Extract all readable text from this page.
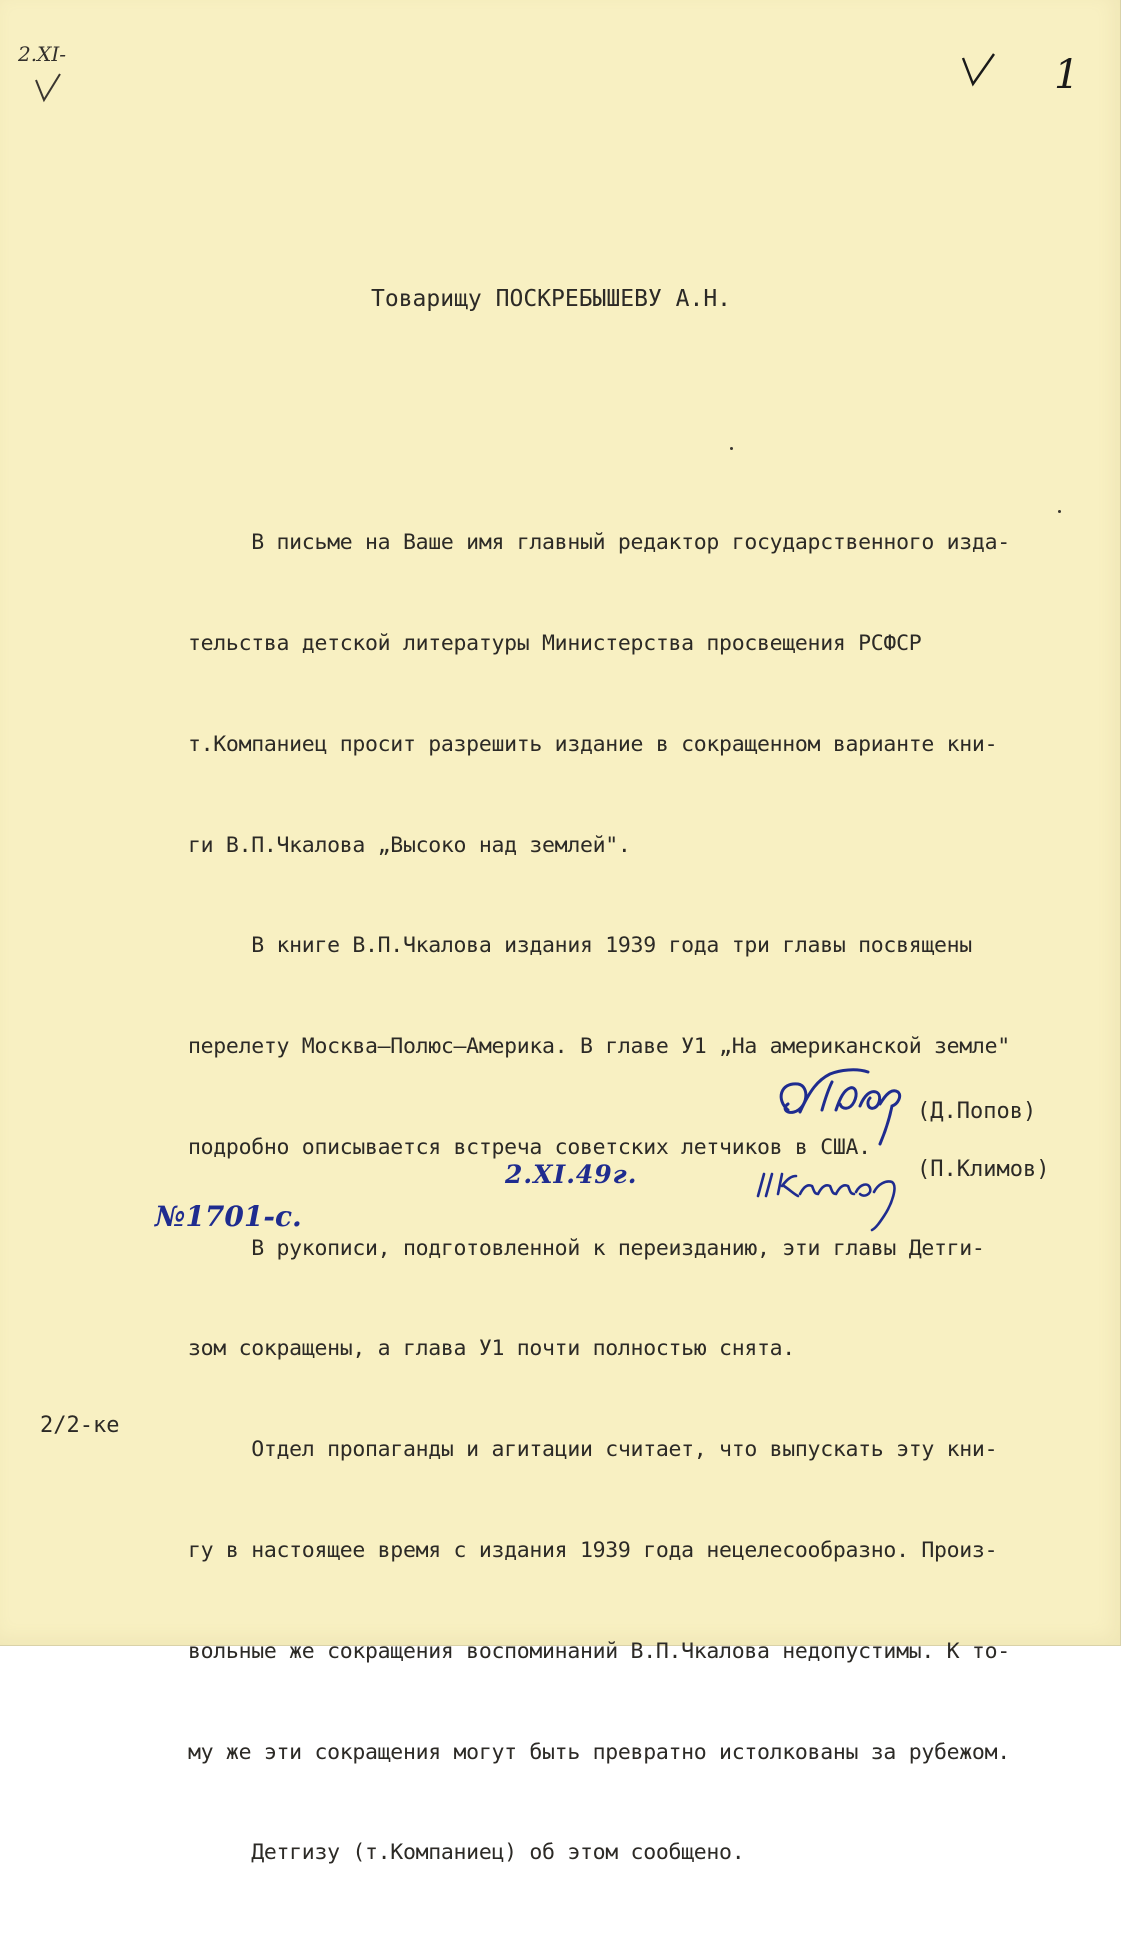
2.XI-	1
Товарищу ПОСКРЕБЫШЕВУ А.Н.

В письме на Ваше имя главный редактор государственного изда-

тельства детской литературы Министерства просвещения РСФСР

т.Компаниец просит разрешить издание в сокращенном варианте кни-

ги В.П.Чкалова „Высоко над землей".

В книге В.П.Чкалова издания 1939 года три главы посвящены

перелету Москва–Полюс–Америка. В главе У1 „На американской земле"

подробно описывается встреча советских летчиков в США.

В рукописи, подготовленной к переизданию, эти главы Детги-

зом сокращены, а глава У1 почти полностью снята.

Отдел пропаганды и агитации считает, что выпускать эту кни-

гу в настоящее время с издания 1939 года нецелесообразно. Произ-

вольные же сокращения воспоминаний В.П.Чкалова недопустимы. К то-

му же эти сокращения могут быть превратно истолкованы за рубежом.

Детгизу (т.Компаниец) об этом сообщено.

(Д.Попов)
2.XI.49г.	(П.Климов)
№1701-с.
2/2-ке
